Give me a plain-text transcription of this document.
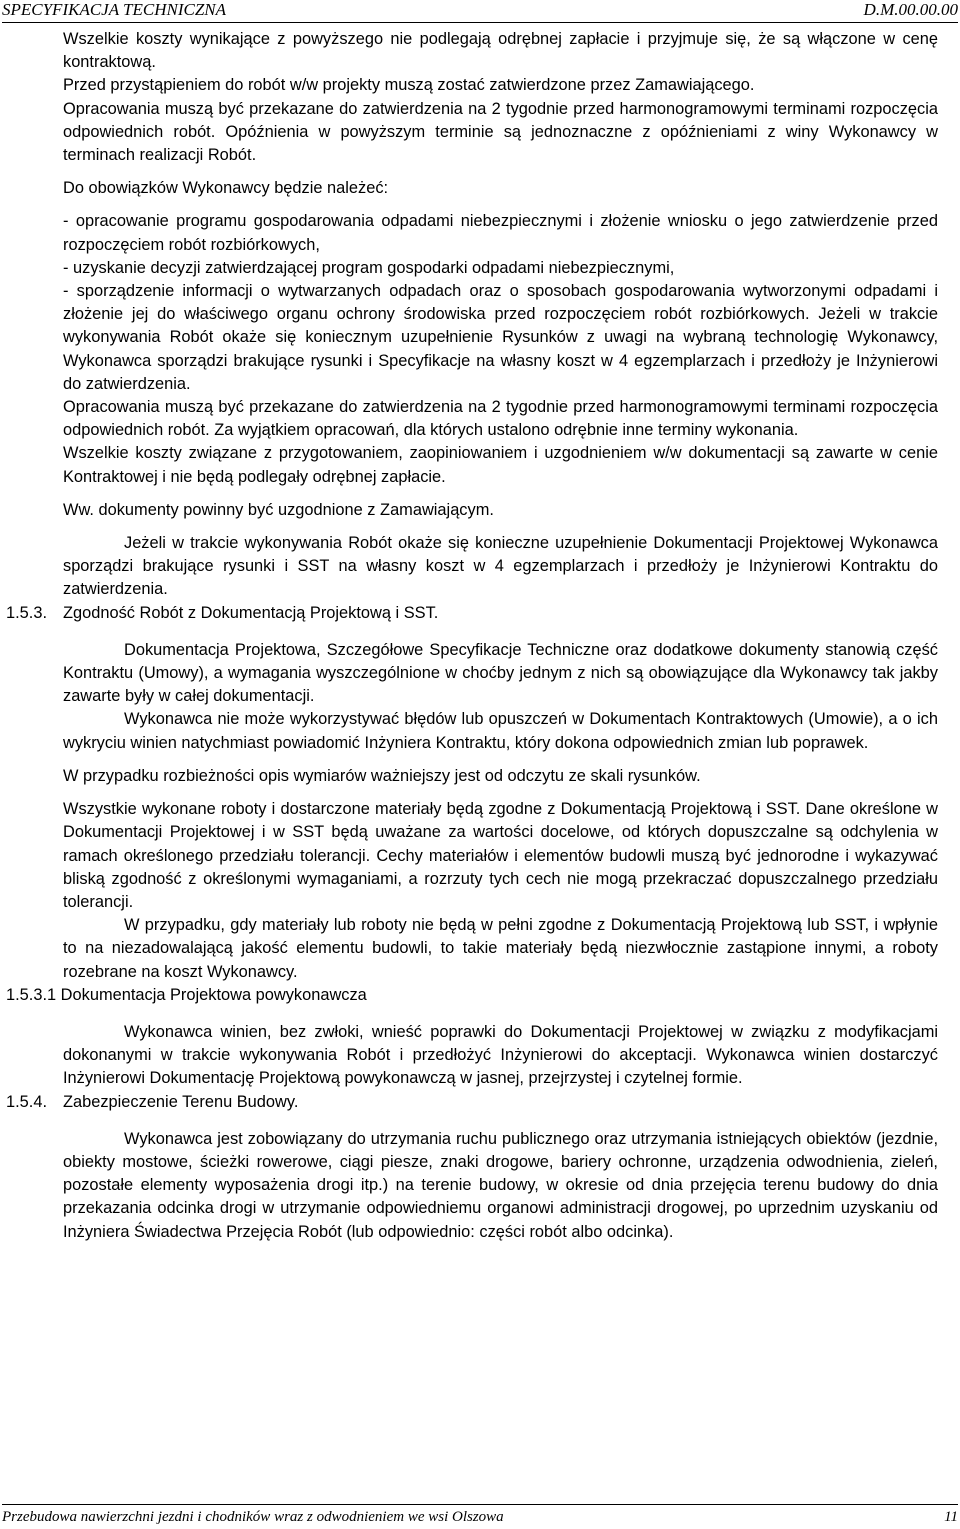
SPECYFIKACJA TECHNICZNA	D.M.00.00.00

Wszelkie koszty wynikające z powyższego nie podlegają odrębnej zapłacie i przyjmuje się, że są włączone w cenę kontraktową.

Przed przystąpieniem do robót w/w projekty muszą zostać zatwierdzone przez Zamawiającego.

Opracowania muszą być przekazane do zatwierdzenia na 2 tygodnie przed harmonogramowymi terminami rozpoczęcia odpowiednich robót. Opóźnienia w powyższym terminie są jednoznaczne z opóźnieniami z winy Wykonawcy w terminach realizacji Robót.

Do obowiązków Wykonawcy będzie należeć:

- opracowanie programu gospodarowania odpadami niebezpiecznymi i złożenie wniosku o jego zatwierdzenie przed rozpoczęciem robót rozbiórkowych,

- uzyskanie decyzji zatwierdzającej program gospodarki odpadami niebezpiecznymi,

- sporządzenie informacji o wytwarzanych odpadach oraz o sposobach gospodarowania wytworzonymi odpadami i złożenie jej do właściwego organu ochrony środowiska przed rozpoczęciem robót rozbiórkowych. Jeżeli w trakcie wykonywania Robót okaże się koniecznym uzupełnienie Rysunków z uwagi na wybraną technologię Wykonawcy, Wykonawca sporządzi brakujące rysunki i Specyfikacje na własny koszt w 4 egzemplarzach i przedłoży je Inżynierowi do zatwierdzenia.

Opracowania muszą być przekazane do zatwierdzenia na 2 tygodnie przed harmonogramowymi terminami rozpoczęcia odpowiednich robót. Za wyjątkiem opracowań, dla których ustalono odrębnie inne terminy wykonania.

Wszelkie koszty związane z przygotowaniem, zaopiniowaniem i uzgodnieniem w/w dokumentacji są zawarte w cenie Kontraktowej i nie będą podlegały odrębnej zapłacie.

Ww. dokumenty powinny być uzgodnione z Zamawiającym.

Jeżeli w trakcie wykonywania Robót okaże się konieczne uzupełnienie Dokumentacji Projektowej Wykonawca sporządzi brakujące rysunki i SST na własny koszt w 4 egzemplarzach i przedłoży je Inżynierowi Kontraktu do zatwierdzenia.

1.5.3. Zgodność Robót z Dokumentacją Projektową i SST.

Dokumentacja Projektowa, Szczegółowe Specyfikacje Techniczne oraz dodatkowe dokumenty stanowią część Kontraktu (Umowy), a wymagania wyszczególnione w choćby jednym z nich są obowiązujące dla Wykonawcy tak jakby zawarte były w całej dokumentacji.

Wykonawca nie może wykorzystywać błędów lub opuszczeń w Dokumentach Kontraktowych (Umowie), a o ich wykryciu winien natychmiast powiadomić Inżyniera Kontraktu, który dokona odpowiednich zmian lub poprawek.

W przypadku rozbieżności opis wymiarów ważniejszy jest od odczytu ze skali rysunków.

Wszystkie wykonane roboty i dostarczone materiały będą zgodne z Dokumentacją Projektową i SST. Dane określone w Dokumentacji Projektowej i w SST będą uważane za wartości docelowe, od których dopuszczalne są odchylenia w ramach określonego przedziału tolerancji. Cechy materiałów i elementów budowli muszą być jednorodne i wykazywać bliską zgodność z określonymi wymaganiami, a rozrzuty tych cech nie mogą przekraczać dopuszczalnego przedziału tolerancji.

W przypadku, gdy materiały lub roboty nie będą w pełni zgodne z Dokumentacją Projektową lub SST, i wpłynie to na niezadowalającą jakość elementu budowli, to takie materiały będą niezwłocznie zastąpione innymi, a roboty rozebrane na koszt Wykonawcy.

1.5.3.1 Dokumentacja Projektowa powykonawcza

Wykonawca winien, bez zwłoki, wnieść poprawki do Dokumentacji Projektowej w związku z modyfikacjami dokonanymi w trakcie wykonywania Robót i przedłożyć Inżynierowi do akceptacji. Wykonawca winien dostarczyć Inżynierowi Dokumentację Projektową powykonawczą w jasnej, przejrzystej i czytelnej formie.

1.5.4. Zabezpieczenie Terenu Budowy.

Wykonawca jest zobowiązany do utrzymania ruchu publicznego oraz utrzymania istniejących obiektów (jezdnie, obiekty mostowe, ścieżki rowerowe, ciągi piesze, znaki drogowe, bariery ochronne, urządzenia odwodnienia, zieleń, pozostałe elementy wyposażenia drogi itp.) na terenie budowy, w okresie od dnia przejęcia terenu budowy do dnia przekazania odcinka drogi w utrzymanie odpowiedniemu organowi administracji drogowej, po uprzednim uzyskaniu od Inżyniera Świadectwa Przejęcia Robót (lub odpowiednio: części robót albo odcinka).

Przebudowa nawierzchni jezdni i chodników wraz z odwodnieniem we wsi Olszowa	11
